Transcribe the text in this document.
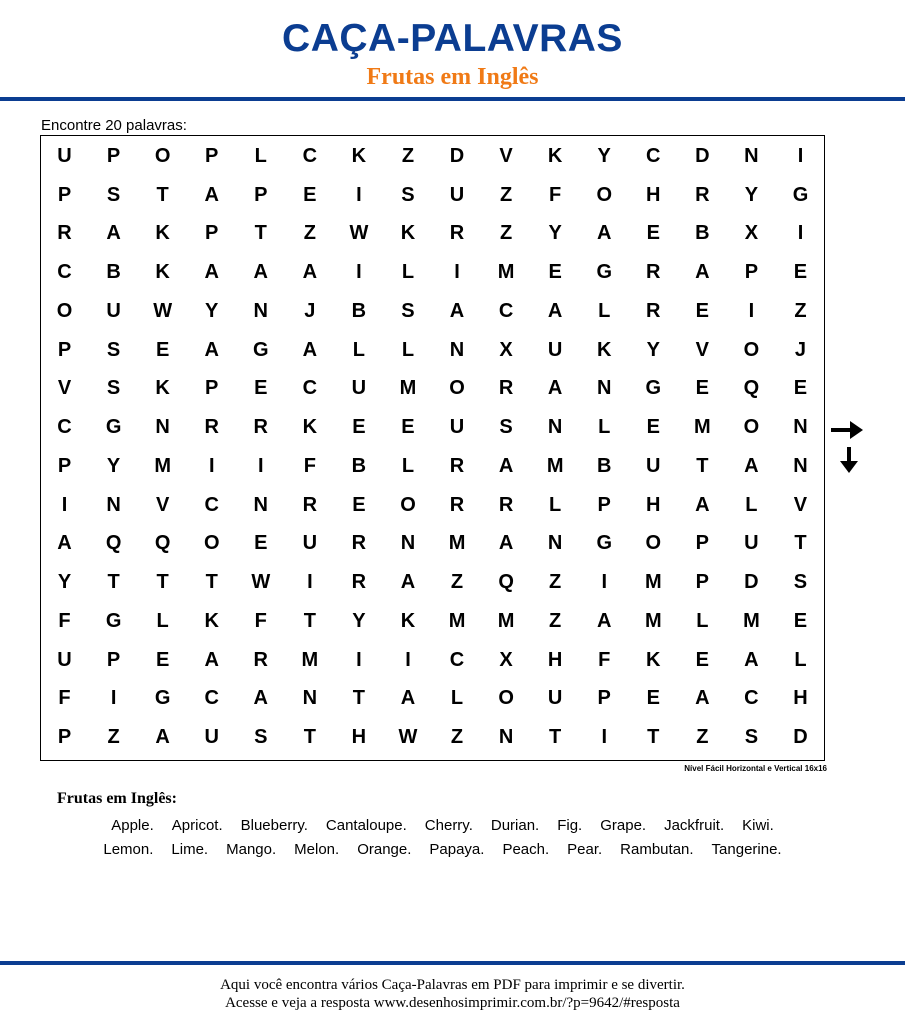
CAÇA-PALAVRAS
Frutas em Inglês
Encontre 20 palavras:
U	P	O	P	L	C	K	Z	D	V	K	Y	C	D	N	I
P	S	T	A	P	E	I	S	U	Z	F	O	H	R	Y	G
R	A	K	P	T	Z	W	K	R	Z	Y	A	E	B	X	I
C	B	K	A	A	A	I	L	I	M	E	G	R	A	P	E
O	U	W	Y	N	J	B	S	A	C	A	L	R	E	I	Z
P	S	E	A	G	A	L	L	N	X	U	K	Y	V	O	J
V	S	K	P	E	C	U	M	O	R	A	N	G	E	Q	E
C	G	N	R	R	K	E	E	U	S	N	L	E	M	O	N
P	Y	M	I	I	F	B	L	R	A	M	B	U	T	A	N
I	N	V	C	N	R	E	O	R	R	L	P	H	A	L	V
A	Q	Q	O	E	U	R	N	M	A	N	G	O	P	U	T
Y	T	T	T	W	I	R	A	Z	Q	Z	I	M	P	D	S
F	G	L	K	F	T	Y	K	M	M	Z	A	M	L	M	E
U	P	E	A	R	M	I	I	C	X	H	F	K	E	A	L
F	I	G	C	A	N	T	A	L	O	U	P	E	A	C	H
P	Z	A	U	S	T	H	W	Z	N	T	I	T	Z	S	D
Nível Fácil Horizontal e Vertical 16x16
Frutas em Inglês:
Apple. Apricot. Blueberry. Cantaloupe. Cherry. Durian. Fig. Grape. Jackfruit. Kiwi.
Lemon. Lime. Mango. Melon. Orange. Papaya. Peach. Pear. Rambutan. Tangerine.
Aqui você encontra vários Caça-Palavras em PDF para imprimir e se divertir.
Acesse e veja a resposta www.desenhosimprimir.com.br/?p=9642/#resposta
